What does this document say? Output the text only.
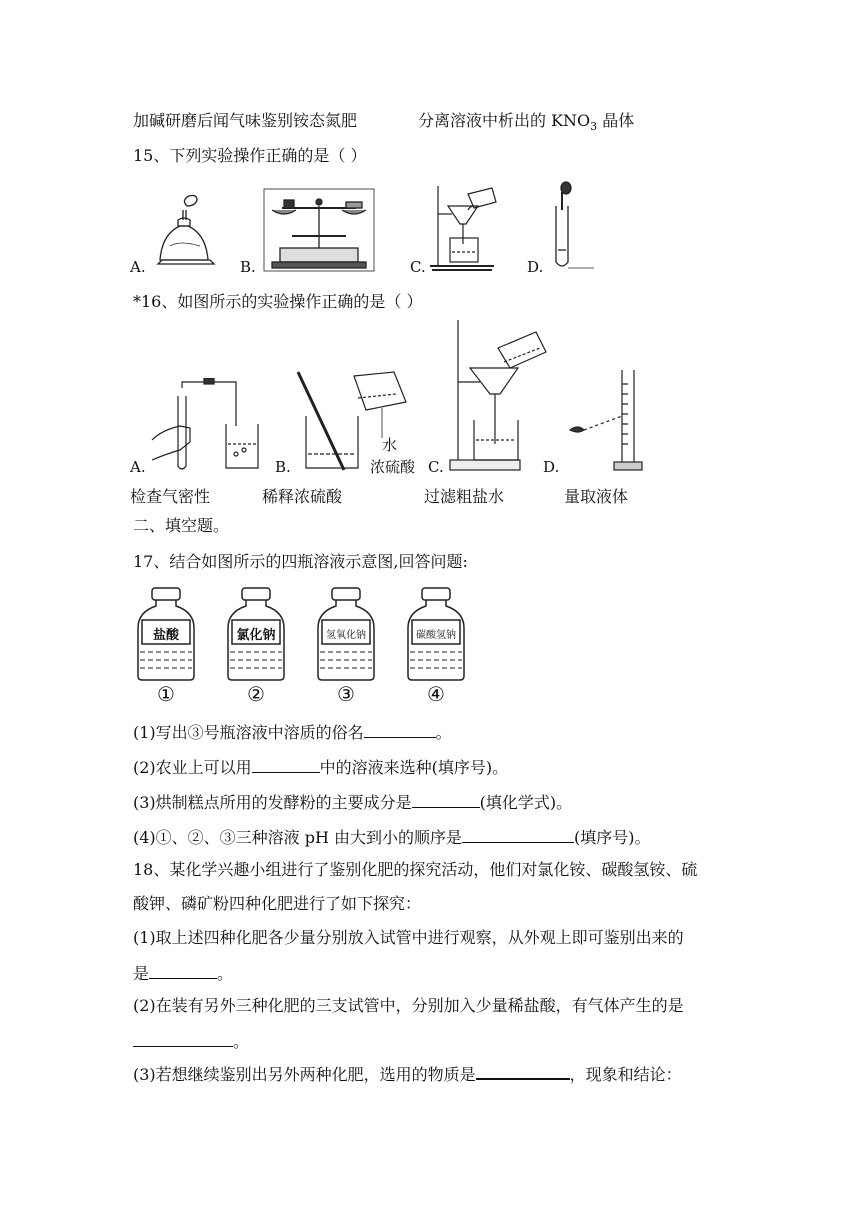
加碱研磨后闻气味鉴别铵态氮肥	分离溶液中析出的 $KNO_3$ 晶体
15、下列实验操作正确的是（ ）
A.	B.	C.	D.
*16、如图所示的实验操作正确的是（ ）
A.	B.	C.	D.
水
浓硫酸
检查气密性	稀释浓硫酸	过滤粗盐水	量取液体
二、填空题。
17、结合如图所示的四瓶溶液示意图,回答问题:
盐酸	氯化钠	氢氧化钠	碳酸氢钠
①	②	③	④
(1)写出③号瓶溶液中溶质的俗名	。
(2)农业上可以用	中的溶液来选种(填序号)。
(3)烘制糕点所用的发酵粉的主要成分是	(填化学式)。
(4)①、②、③三种溶液 pH 由大到小的顺序是	(填序号)。
18、某化学兴趣小组进行了鉴别化肥的探究活动，他们对氯化铵、碳酸氢铵、硫
酸钾、磷矿粉四种化肥进行了如下探究：
(1)取上述四种化肥各少量分别放入试管中进行观察，从外观上即可鉴别出来的
是	。
(2)在装有另外三种化肥的三支试管中，分别加入少量稀盐酸，有气体产生的是
。
(3)若想继续鉴别出另外两种化肥，选用的物质是	，现象和结论：
